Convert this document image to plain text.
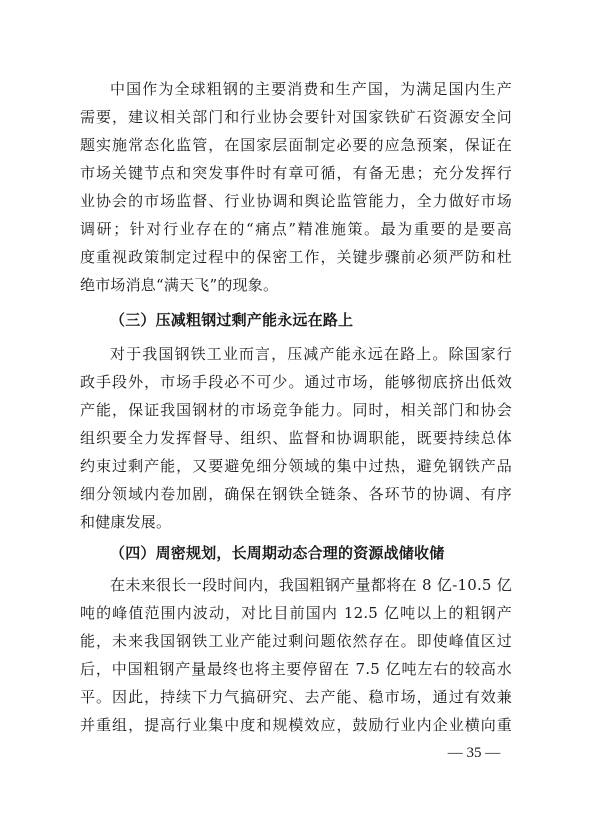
中国作为全球粗钢的主要消费和生产国，为满足国内生产
需要，建议相关部门和行业协会要针对国家铁矿石资源安全问
题实施常态化监管，在国家层面制定必要的应急预案，保证在
市场关键节点和突发事件时有章可循，有备无患；充分发挥行
业协会的市场监督、行业协调和舆论监管能力，全力做好市场
调研；针对行业存在的“痛点”精准施策。最为重要的是要高
度重视政策制定过程中的保密工作，关键步骤前必须严防和杜
绝市场消息“满天飞”的现象。
（三）压减粗钢过剩产能永远在路上
对于我国钢铁工业而言，压减产能永远在路上。除国家行
政手段外，市场手段必不可少。通过市场，能够彻底挤出低效
产能，保证我国钢材的市场竞争能力。同时，相关部门和协会
组织要全力发挥督导、组织、监督和协调职能，既要持续总体
约束过剩产能，又要避免细分领域的集中过热，避免钢铁产品
细分领域内卷加剧，确保在钢铁全链条、各环节的协调、有序
和健康发展。
（四）周密规划，长周期动态合理的资源战储收储
在未来很长一段时间内，我国粗钢产量都将在 8 亿-10.5 亿
吨的峰值范围内波动，对比目前国内 12.5 亿吨以上的粗钢产
能，未来我国钢铁工业产能过剩问题依然存在。即使峰值区过
后，中国粗钢产量最终也将主要停留在 7.5 亿吨左右的较高水
平。因此，持续下力气搞研究、去产能、稳市场，通过有效兼
并重组，提高行业集中度和规模效应，鼓励行业内企业横向重
— 35 —
